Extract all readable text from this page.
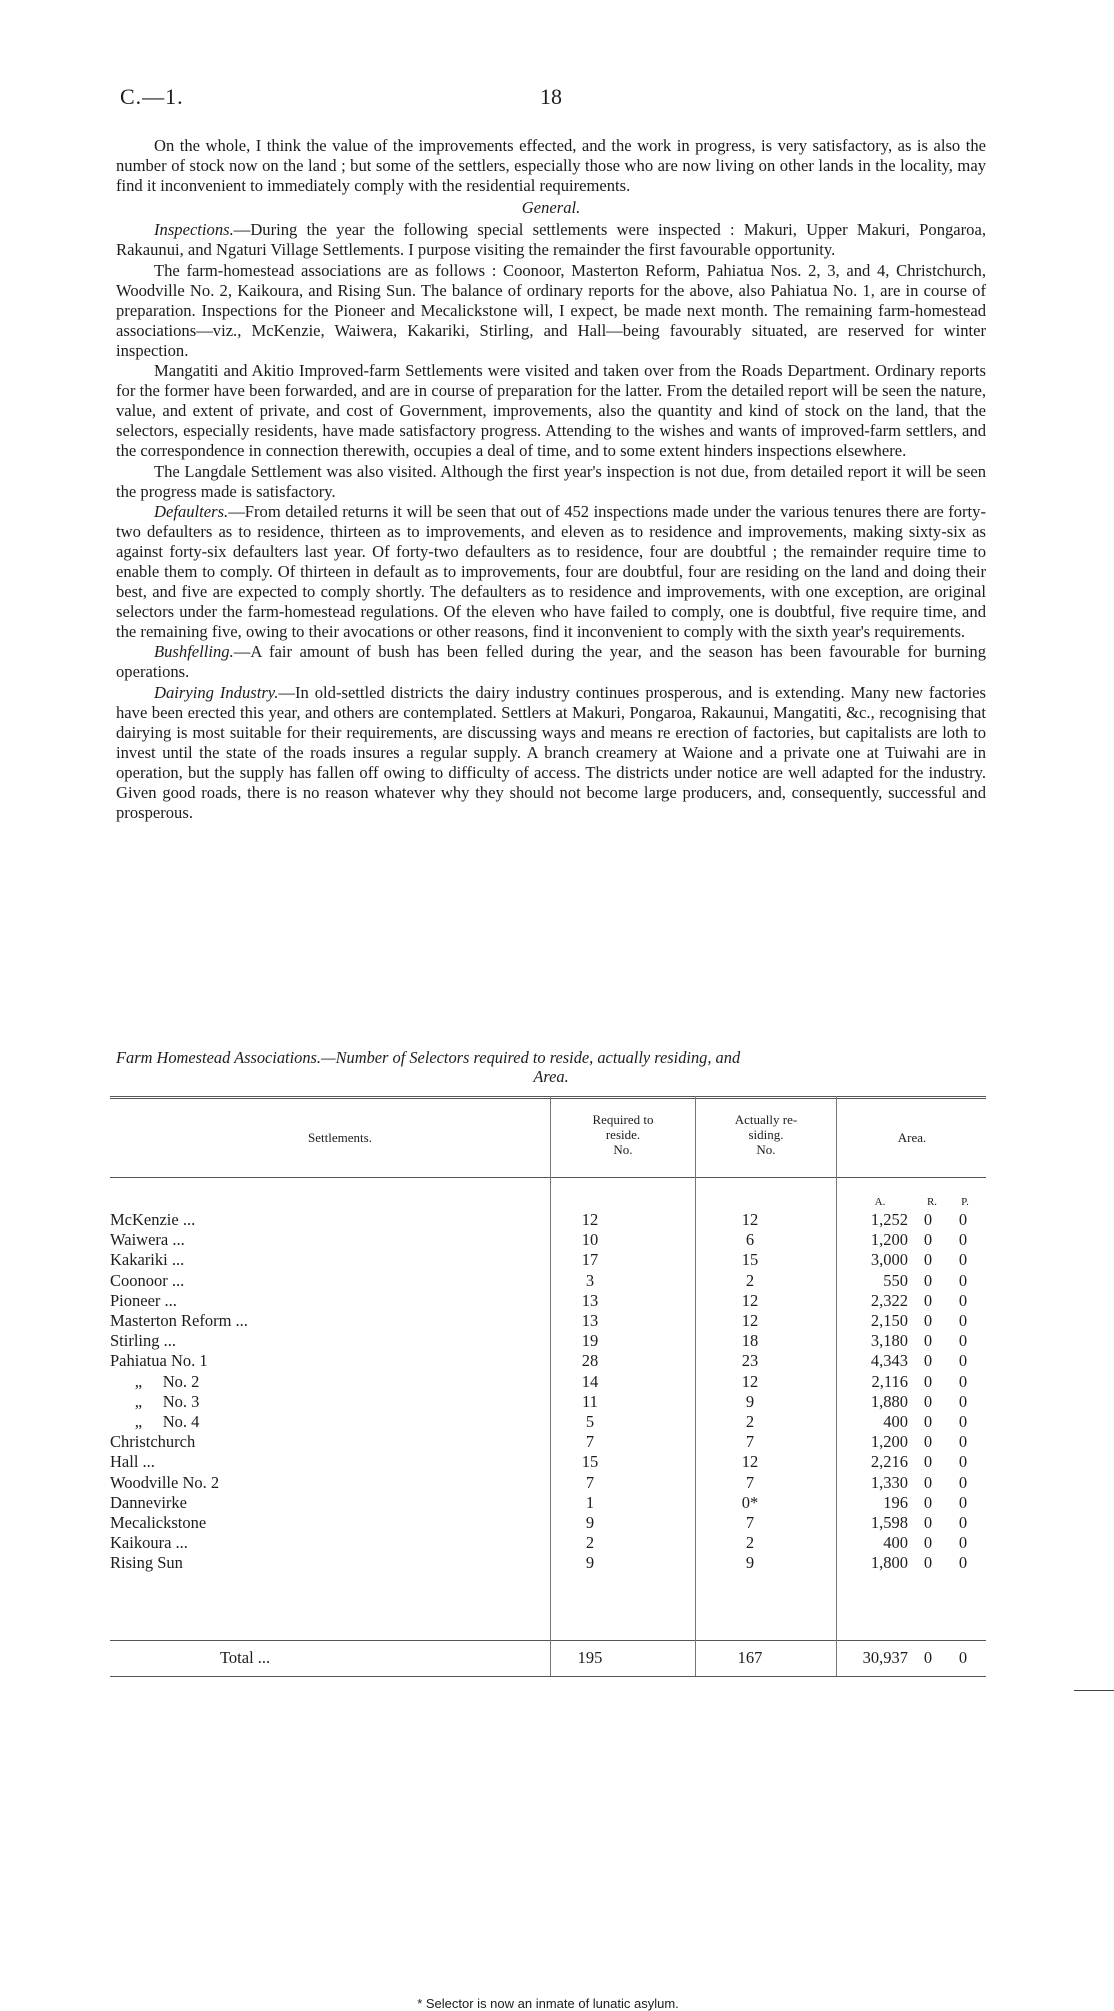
C.—1.	18

On the whole, I think the value of the improvements effected, and the work in progress, is very satisfactory, as is also the number of stock now on the land ; but some of the settlers, especially those who are now living on other lands in the locality, may find it inconvenient to immediately comply with the residential requirements.

General.

Inspections.—During the year the following special settlements were inspected : Makuri, Upper Makuri, Pongaroa, Rakaunui, and Ngaturi Village Settlements. I purpose visiting the remainder the first favourable opportunity.

The farm-homestead associations are as follows : Coonoor, Masterton Reform, Pahiatua Nos. 2, 3, and 4, Christchurch, Woodville No. 2, Kaikoura, and Rising Sun. The balance of ordinary reports for the above, also Pahiatua No. 1, are in course of preparation. Inspections for the Pioneer and Mecalickstone will, I expect, be made next month. The remaining farm-homestead associations—viz., McKenzie, Waiwera, Kakariki, Stirling, and Hall—being favourably situated, are reserved for winter inspection.

Mangatiti and Akitio Improved-farm Settlements were visited and taken over from the Roads Department. Ordinary reports for the former have been forwarded, and are in course of preparation for the latter. From the detailed report will be seen the nature, value, and extent of private, and cost of Government, improvements, also the quantity and kind of stock on the land, that the selectors, especially residents, have made satisfactory progress. Attending to the wishes and wants of improved-farm settlers, and the correspondence in connection therewith, occupies a deal of time, and to some extent hinders inspections elsewhere.

The Langdale Settlement was also visited. Although the first year's inspection is not due, from detailed report it will be seen the progress made is satisfactory.

Defaulters.—From detailed returns it will be seen that out of 452 inspections made under the various tenures there are forty-two defaulters as to residence, thirteen as to improvements, and eleven as to residence and improvements, making sixty-six as against forty-six defaulters last year. Of forty-two defaulters as to residence, four are doubtful ; the remainder require time to enable them to comply. Of thirteen in default as to improvements, four are doubtful, four are residing on the land and doing their best, and five are expected to comply shortly. The defaulters as to residence and improvements, with one exception, are original selectors under the farm-homestead regulations. Of the eleven who have failed to comply, one is doubtful, five require time, and the remaining five, owing to their avocations or other reasons, find it inconvenient to comply with the sixth year's requirements.

Bushfelling.—A fair amount of bush has been felled during the year, and the season has been favourable for burning operations.

Dairying Industry.—In old-settled districts the dairy industry continues prosperous, and is extending. Many new factories have been erected this year, and others are contemplated. Settlers at Makuri, Pongaroa, Rakaunui, Mangatiti, &c., recognising that dairying is most suitable for their requirements, are discussing ways and means re erection of factories, but capitalists are loth to invest until the state of the roads insures a regular supply. A branch creamery at Waione and a private one at Tuiwahi are in operation, but the supply has fallen off owing to difficulty of access. The districts under notice are well adapted for the industry. Given good roads, there is no reason whatever why they should not become large producers, and, consequently, successful and prosperous.

Farm Homestead Associations.—Number of Selectors required to reside, actually residing, and
Area.
Settlements.
Required to
reside.
No.
Actually re-
siding.
No.
Area.
A.	R.	P.
McKenzie ...	12	12	1,252 0 0
Waiwera ...	10	6	1,200 0 0
Kakariki ...	17	15	3,000 0 0
Coonoor ...	3	2	550 0 0
Pioneer ...	13	12	2,322 0 0
Masterton Reform ...	13	12	2,150 0 0
Stirling ...	19	18	3,180 0 0
Pahiatua No. 1	28	23	4,343 0 0
„     No. 2	14	12	2,116 0 0
„     No. 3	11	9	1,880 0 0
„     No. 4	5	2	400 0 0
Christchurch	7	7	1,200 0 0
Hall ...	15	12	2,216 0 0
Woodville No. 2	7	7	1,330 0 0
Dannevirke	1	0*	196 0 0
Mecalickstone	9	7	1,598 0 0
Kaikoura ...	2	2	400 0 0
Rising Sun	9	9	1,800 0 0
Total ...	195	167	30,937 0 0
* Selector is now an inmate of lunatic asylum.
